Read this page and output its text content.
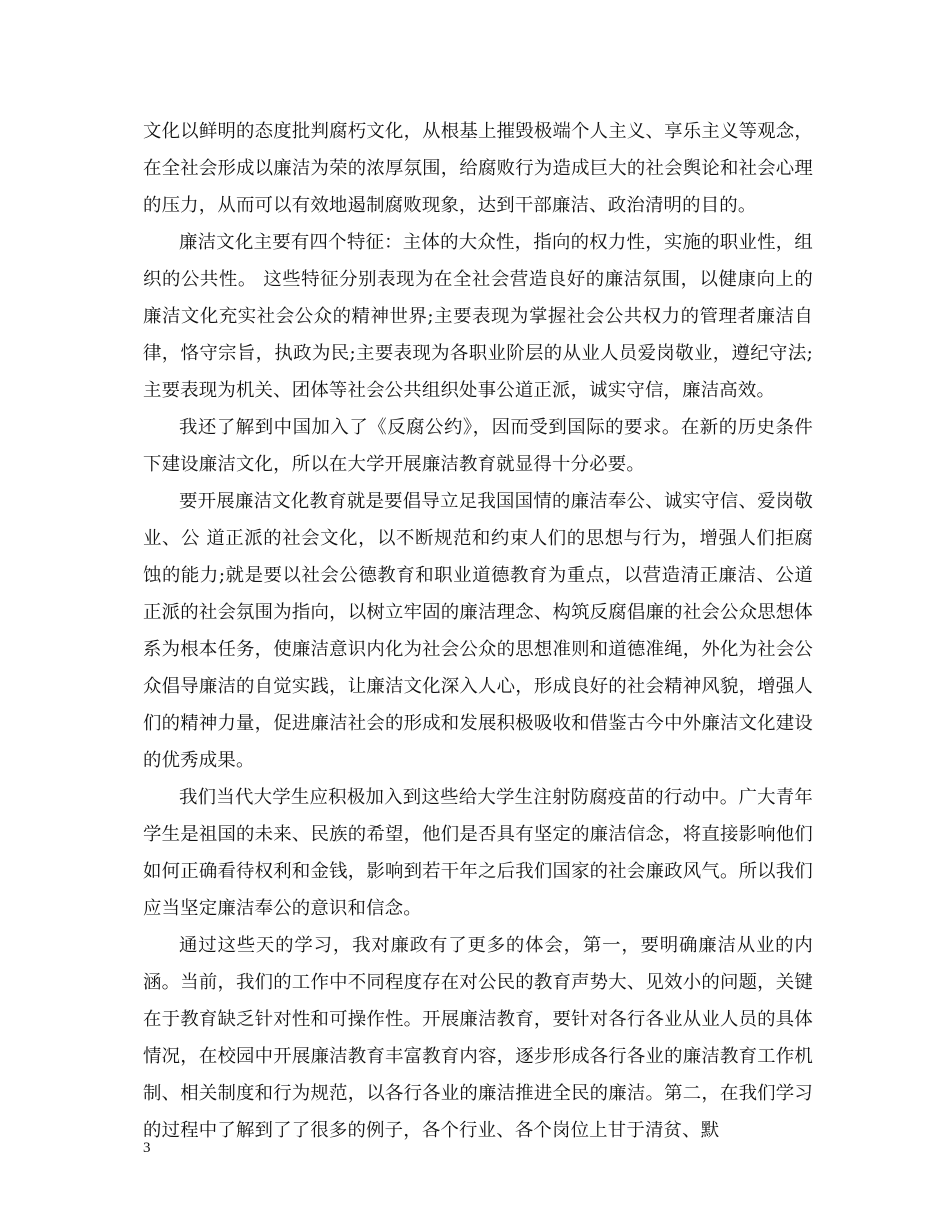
文化以鲜明的态度批判腐朽文化，从根基上摧毁极端个人主义、享乐主义等观念，在全社会形成以廉洁为荣的浓厚氛围，给腐败行为造成巨大的社会舆论和社会心理的压力，从而可以有效地遏制腐败现象，达到干部廉洁、政治清明的目的。

廉洁文化主要有四个特征：主体的大众性，指向的权力性，实施的职业性，组织的公共性。 这些特征分别表现为在全社会营造良好的廉洁氛围，以健康向上的廉洁文化充实社会公众的精神世界;主要表现为掌握社会公共权力的管理者廉洁自律，恪守宗旨，执政为民;主要表现为各职业阶层的从业人员爱岗敬业，遵纪守法;主要表现为机关、团体等社会公共组织处事公道正派，诚实守信，廉洁高效。

我还了解到中国加入了《反腐公约》，因而受到国际的要求。在新的历史条件下建设廉洁文化，所以在大学开展廉洁教育就显得十分必要。

要开展廉洁文化教育就是要倡导立足我国国情的廉洁奉公、诚实守信、爱岗敬业、公 道正派的社会文化，以不断规范和约束人们的思想与行为，增强人们拒腐蚀的能力;就是要以社会公德教育和职业道德教育为重点，以营造清正廉洁、公道正派的社会氛围为指向，以树立牢固的廉洁理念、构筑反腐倡廉的社会公众思想体系为根本任务，使廉洁意识内化为社会公众的思想准则和道德准绳，外化为社会公众倡导廉洁的自觉实践，让廉洁文化深入人心，形成良好的社会精神风貌，增强人们的精神力量，促进廉洁社会的形成和发展积极吸收和借鉴古今中外廉洁文化建设的优秀成果。

我们当代大学生应积极加入到这些给大学生注射防腐疫苗的行动中。广大青年学生是祖国的未来、民族的希望，他们是否具有坚定的廉洁信念，将直接影响他们如何正确看待权利和金钱，影响到若干年之后我们国家的社会廉政风气。所以我们应当坚定廉洁奉公的意识和信念。

通过这些天的学习，我对廉政有了更多的体会，第一，要明确廉洁从业的内涵。当前，我们的工作中不同程度存在对公民的教育声势大、见效小的问题，关键在于教育缺乏针对性和可操作性。开展廉洁教育，要针对各行各业从业人员的具体情况，在校园中开展廉洁教育丰富教育内容，逐步形成各行各业的廉洁教育工作机制、相关制度和行为规范，以各行各业的廉洁推进全民的廉洁。第二，在我们学习的过程中了解到了了很多的例子，各个行业、各个岗位上甘于清贫、默

3
